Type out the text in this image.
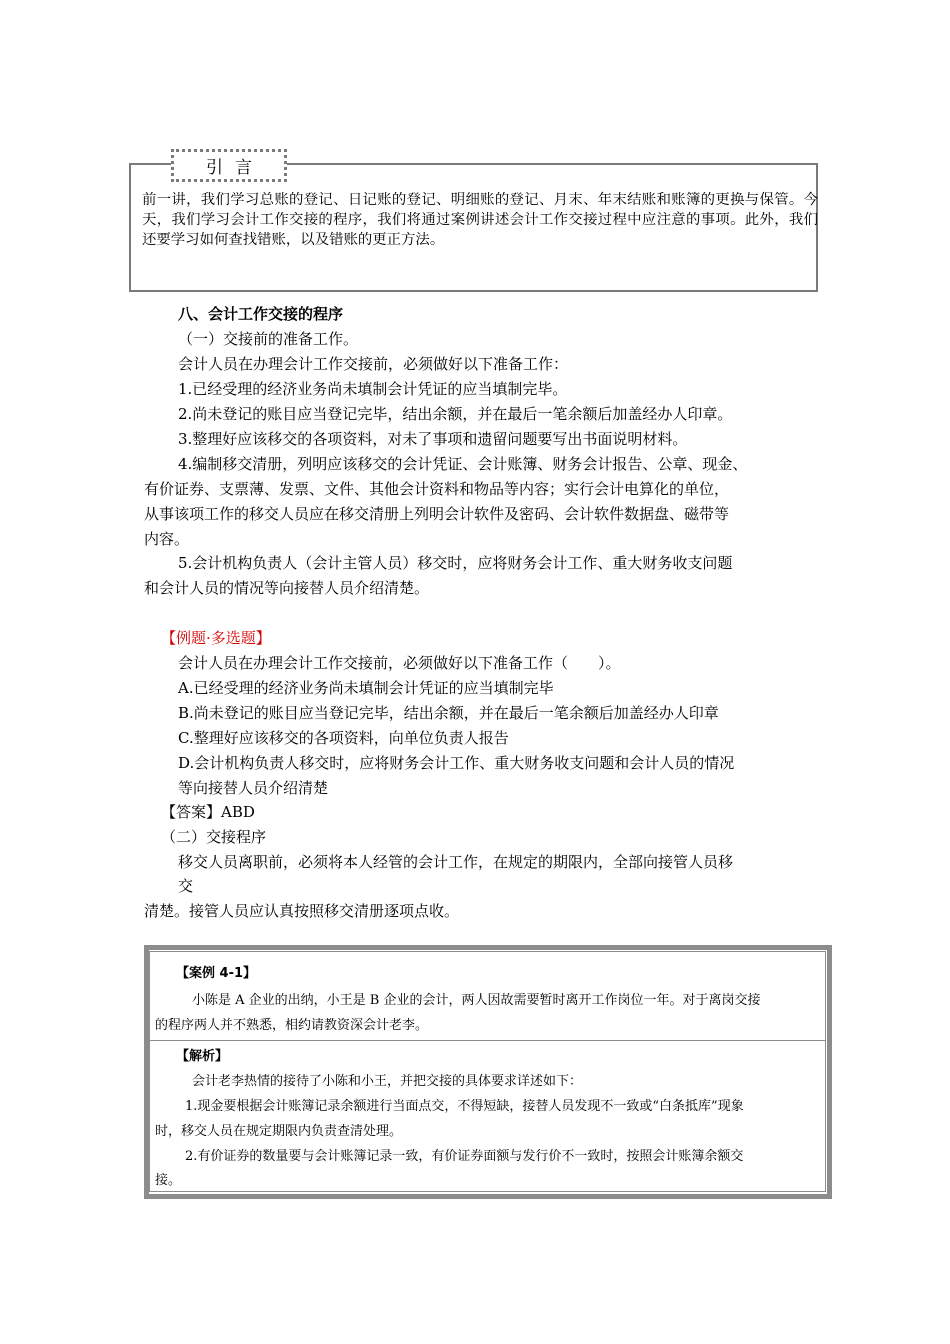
引言
前一讲，我们学习总账的登记、日记账的登记、明细账的登记、月末、年末结账和账簿的更换与保管。今天，我们学习会计工作交接的程序，我们将通过案例讲述会计工作交接过程中应注意的事项。此外，我们还要学习如何查找错账，以及错账的更正方法。
八、会计工作交接的程序
（一）交接前的准备工作。
会计人员在办理会计工作交接前，必须做好以下准备工作：
1.已经受理的经济业务尚未填制会计凭证的应当填制完毕。
2.尚未登记的账目应当登记完毕，结出余额，并在最后一笔余额后加盖经办人印章。
3.整理好应该移交的各项资料，对未了事项和遗留问题要写出书面说明材料。
4.编制移交清册，列明应该移交的会计凭证、会计账簿、财务会计报告、公章、现金、
有价证券、支票薄、发票、文件、其他会计资料和物品等内容；实行会计电算化的单位，
从事该项工作的移交人员应在移交清册上列明会计软件及密码、会计软件数据盘、磁带等
内容。
5.会计机构负责人（会计主管人员）移交时，应将财务会计工作、重大财务收支问题
和会计人员的情况等向接替人员介绍清楚。
【例题·多选题】
会计人员在办理会计工作交接前，必须做好以下准备工作（　　）。
A.已经受理的经济业务尚未填制会计凭证的应当填制完毕
B.尚未登记的账目应当登记完毕，结出余额，并在最后一笔余额后加盖经办人印章
C.整理好应该移交的各项资料，向单位负责人报告
D.会计机构负责人移交时，应将财务会计工作、重大财务收支问题和会计人员的情况
等向接替人员介绍清楚
【答案】ABD
（二）交接程序
移交人员离职前，必须将本人经管的会计工作，在规定的期限内，全部向接管人员移
交
清楚。接管人员应认真按照移交清册逐项点收。
【案例 4-1】
小陈是 A 企业的出纳，小王是 B 企业的会计，两人因故需要暂时离开工作岗位一年。对于离岗交接
的程序两人并不熟悉，相约请教资深会计老李。
【解析】
会计老李热情的接待了小陈和小王，并把交接的具体要求详述如下：
1.现金要根据会计账簿记录余额进行当面点交，不得短缺，接替人员发现不一致或“白条抵库”现象
时，移交人员在规定期限内负责查清处理。
2.有价证券的数量要与会计账簿记录一致，有价证券面额与发行价不一致时，按照会计账簿余额交
接。
